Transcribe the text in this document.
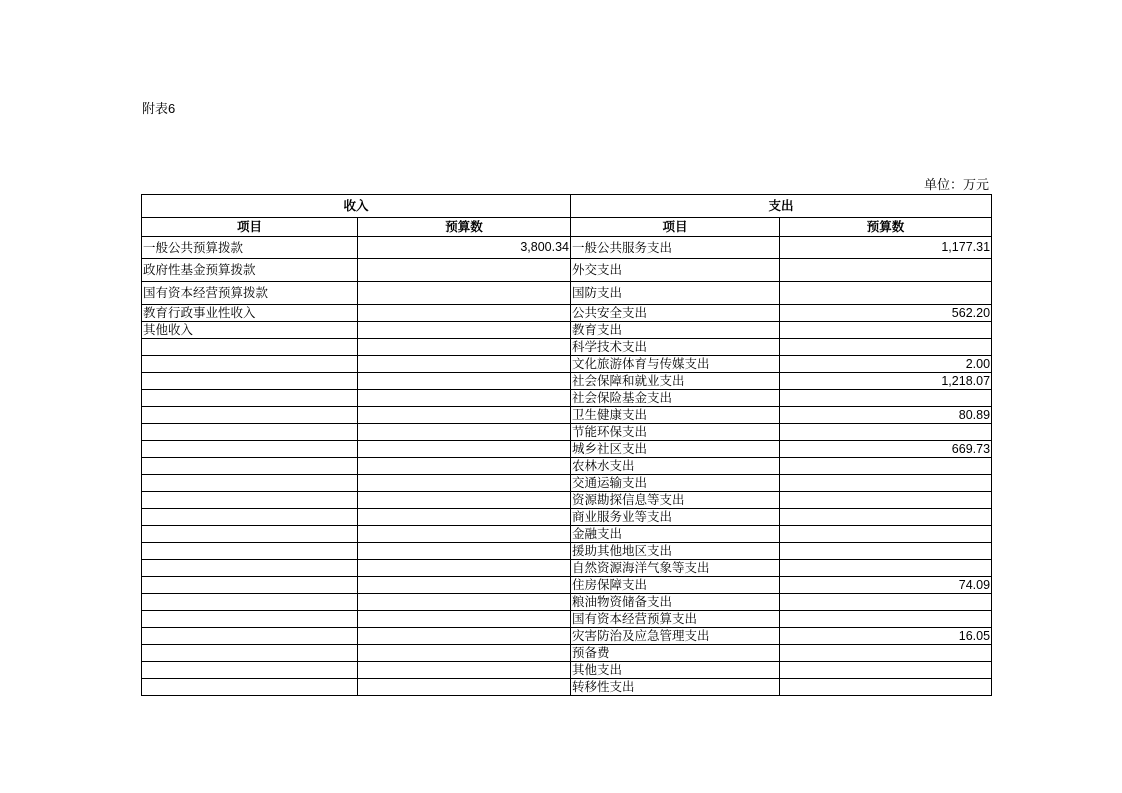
附表6
单位：万元
收入		支出	
项目	预算数	项目	预算数
一般公共预算拨款	3,800.34	一般公共服务支出	1,177.31
政府性基金预算拨款		外交支出	
国有资本经营预算拨款		国防支出	
教育行政事业性收入		公共安全支出	562.20
其他收入		教育支出	
		科学技术支出	
		文化旅游体育与传媒支出	2.00
		社会保障和就业支出	1,218.07
		社会保险基金支出	
		卫生健康支出	80.89
		节能环保支出	
		城乡社区支出	669.73
		农林水支出	
		交通运输支出	
		资源勘探信息等支出	
		商业服务业等支出	
		金融支出	
		援助其他地区支出	
		自然资源海洋气象等支出	
		住房保障支出	74.09
		粮油物资储备支出	
		国有资本经营预算支出	
		灾害防治及应急管理支出	16.05
		预备费	
		其他支出	
		转移性支出	
